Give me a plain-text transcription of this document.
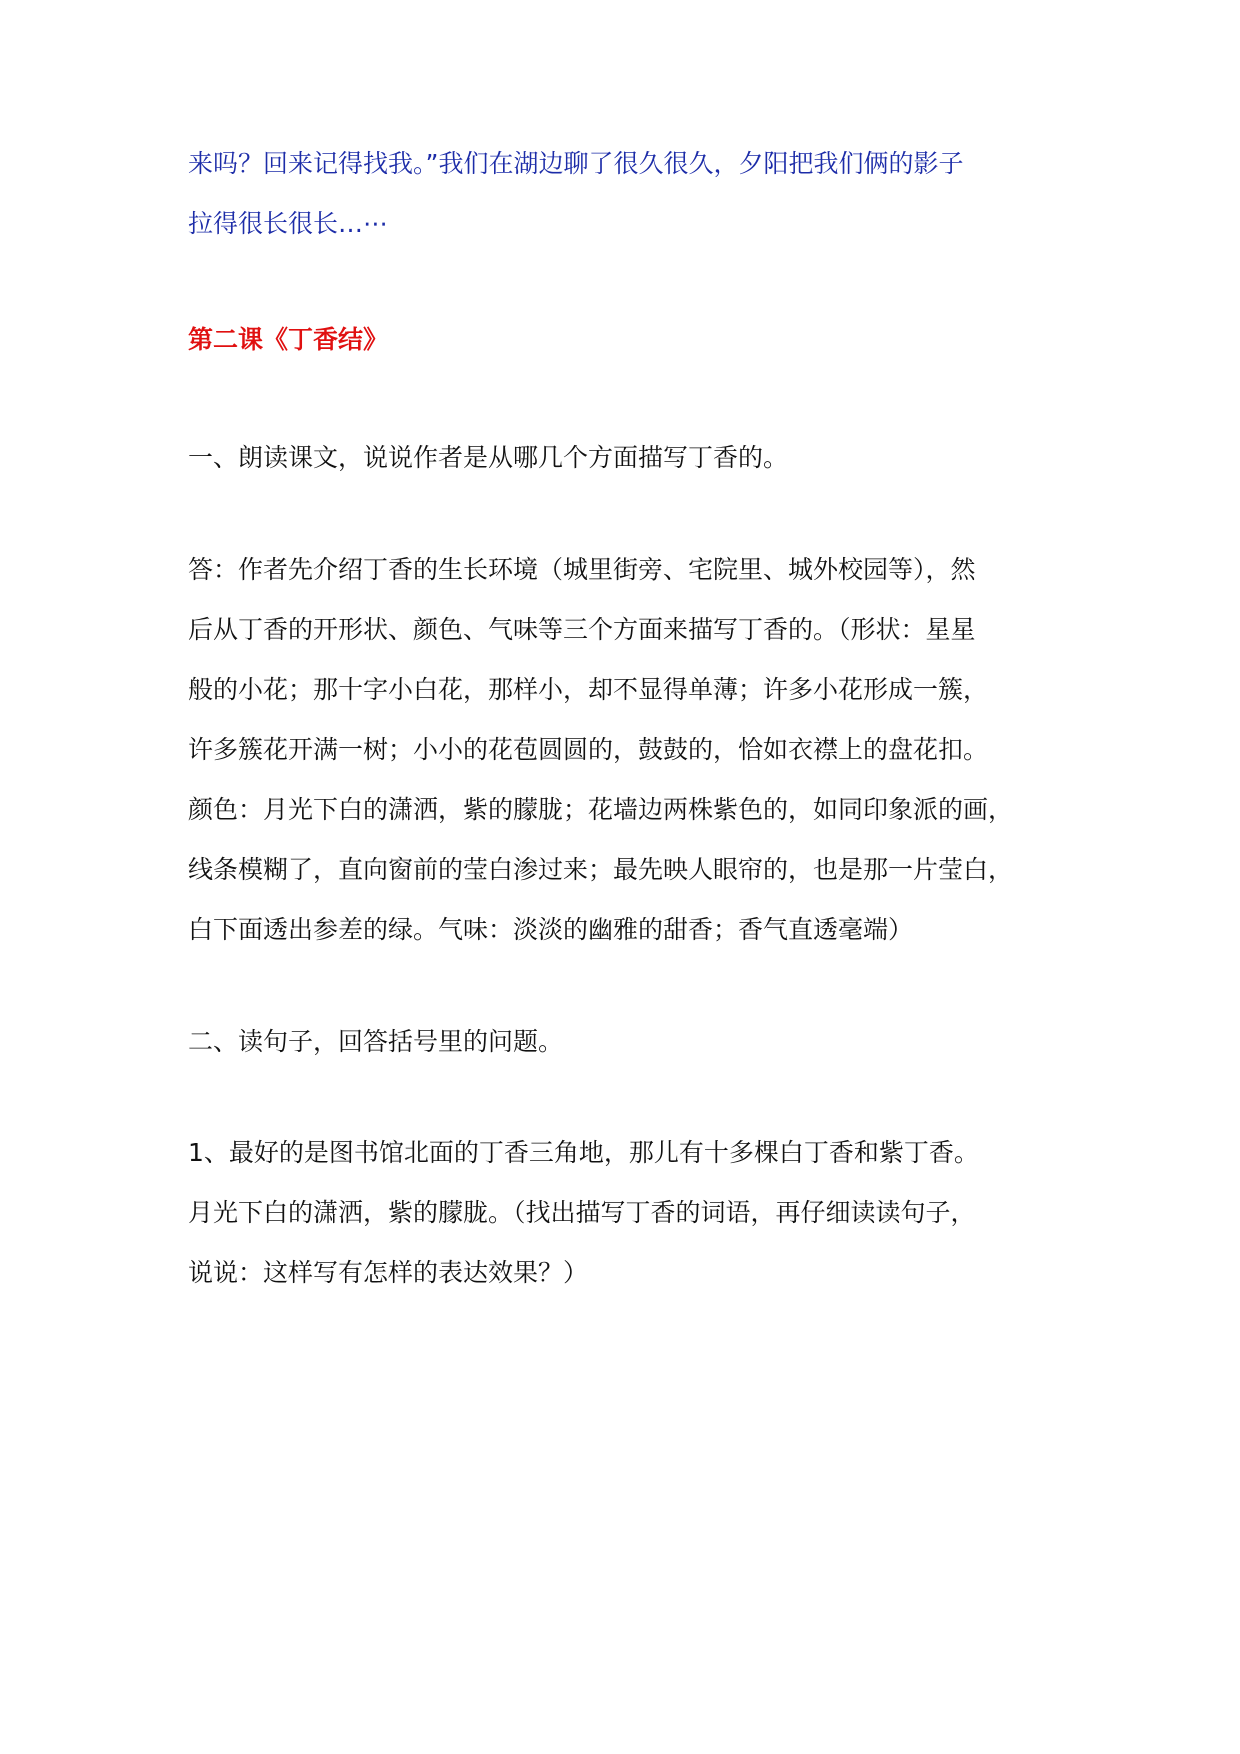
来吗？回来记得找我。”我们在湖边聊了很久很久，夕阳把我们俩的影子
拉得很长很长…⋯
第二课《丁香结》
一、朗读课文，说说作者是从哪几个方面描写丁香的。
答：作者先介绍丁香的生长环境（城里街旁、宅院里、城外校园等），然
后从丁香的开形状、颜色、气味等三个方面来描写丁香的。（形状：星星
般的小花；那十字小白花，那样小，却不显得单薄；许多小花形成一簇，
许多簇花开满一树；小小的花苞圆圆的，鼓鼓的，恰如衣襟上的盘花扣。
颜色：月光下白的潇洒，紫的朦胧；花墙边两株紫色的，如同印象派的画，
线条模糊了，直向窗前的莹白渗过来；最先映人眼帘的，也是那一片莹白，
白下面透出参差的绿。气味：淡淡的幽雅的甜香；香气直透毫端）
二、读句子，回答括号里的问题。
1、最好的是图书馆北面的丁香三角地，那儿有十多棵白丁香和紫丁香。
月光下白的潇洒，紫的朦胧。（找出描写丁香的词语，再仔细读读句子，
说说：这样写有怎样的表达效果？）
